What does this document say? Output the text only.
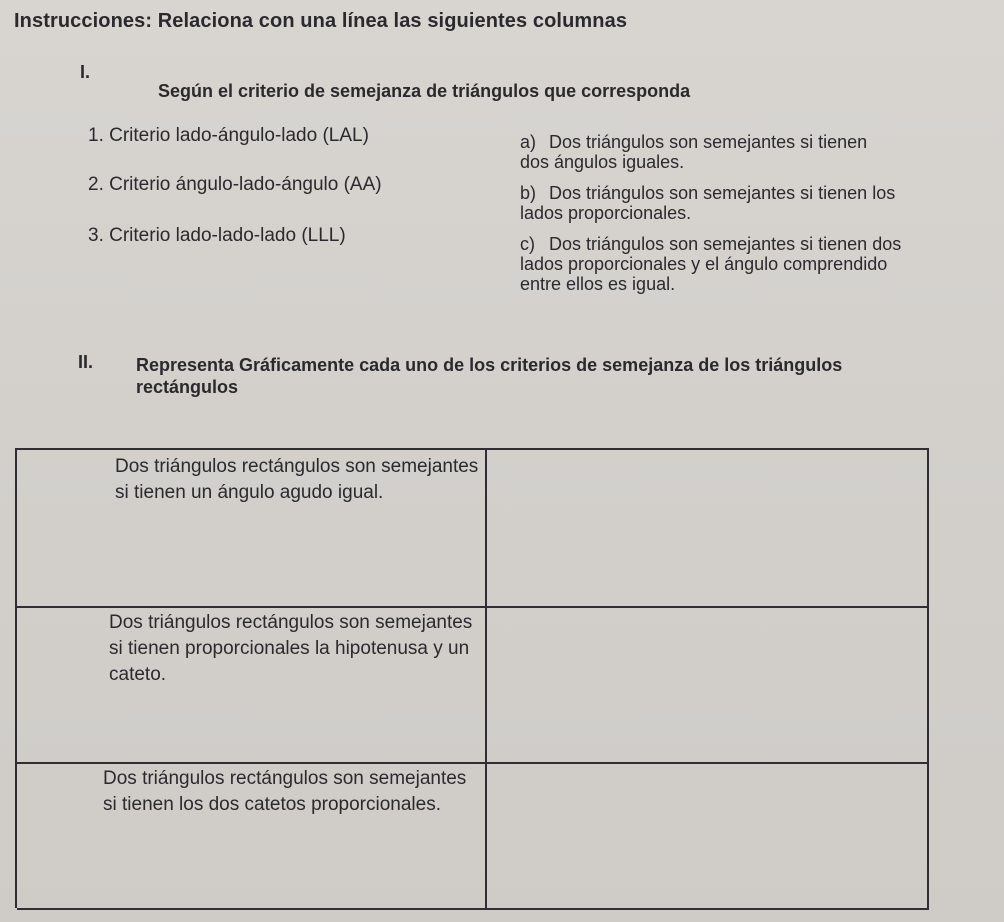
Instrucciones: Relaciona con una línea las siguientes columnas
I.
Según el criterio de semejanza de triángulos que corresponda
1. Criterio lado-ángulo-lado (LAL)
2. Criterio ángulo-lado-ángulo (AA)
3. Criterio lado-lado-lado (LLL)
a) Dos triángulos son semejantes si tienen dos ángulos iguales.
b) Dos triángulos son semejantes si tienen los lados proporcionales.
c) Dos triángulos son semejantes si tienen dos lados proporcionales y el ángulo comprendido entre ellos es igual.
II. Representa Gráficamente cada uno de los criterios de semejanza de los triángulos rectángulos
Dos triángulos rectángulos son semejantes si tienen un ángulo agudo igual.
Dos triángulos rectángulos son semejantes si tienen proporcionales la hipotenusa y un cateto.
Dos triángulos rectángulos son semejantes si tienen los dos catetos proporcionales.
